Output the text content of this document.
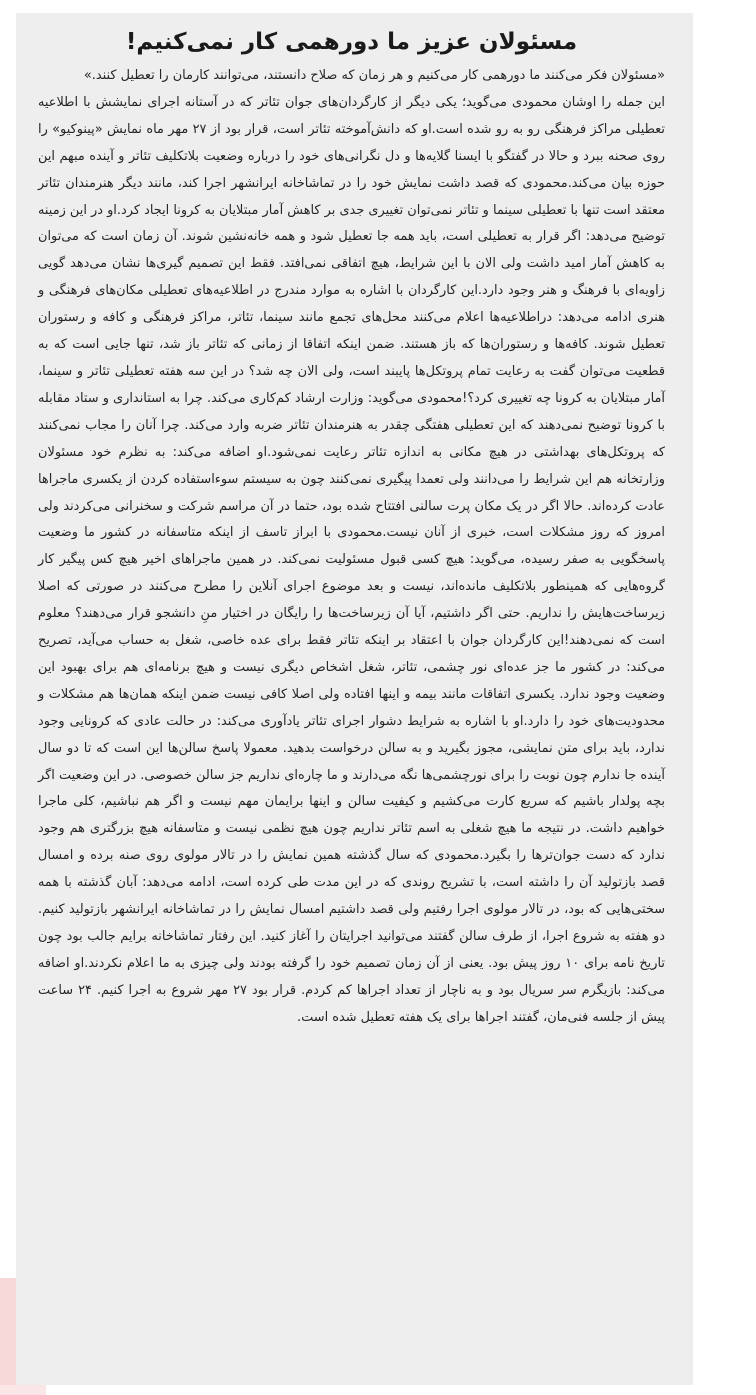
مسئولان عزیز ما دورهمی کار نمی‌کنیم!

«مسئولان فکر می‌کنند ما دورهمی کار می‌کنیم و هر زمان که صلاح دانستند، می‌توانند کارمان را تعطیل کنند.»

این جمله را اوشان محمودی می‌گوید؛ یکی دیگر از کارگردان‌های جوان تئاتر که در آستانه اجرای نمایشش با اطلاعیه تعطیلی مراکز فرهنگی رو به رو شده است.او که دانش‌آموخته تئاتر است، قرار بود از ۲۷ مهر ماه نمایش «پینوکیو» را روی صحنه ببرد و حالا در گفتگو با ایسنا گلایه‌ها و دل نگرانی‌های خود را درباره وضعیت بلاتکلیف تئاتر و آینده مبهم این حوزه بیان می‌کند.محمودی که قصد داشت نمایش خود را در تماشاخانه ایرانشهر اجرا کند، مانند دیگر هنرمندان تئاتر معتقد است تنها با تعطیلی سینما و تئاتر نمی‌توان تغییری جدی بر کاهش آمار مبتلایان به کرونا ایجاد کرد.او در این زمینه توضیح می‌دهد: اگر قرار به تعطیلی است، باید همه جا تعطیل شود و همه خانه‌نشین شوند. آن زمان است که می‌توان به کاهش آمار امید داشت ولی الان با این شرایط، هیچ اتفاقی نمی‌افتد. فقط این تصمیم گیری‌ها نشان می‌دهد گویی زاویه‌ای با فرهنگ و هنر وجود دارد.این کارگردان با اشاره به موارد مندرج در اطلاعیه‌های تعطیلی مکان‌های فرهنگی و هنری ادامه می‌دهد: دراطلاعیه‌ها اعلام می‌کنند محل‌های تجمع مانند سینما، تئاتر، مراکز فرهنگی و کافه و رستوران تعطیل شوند. کافه‌ها و رستوران‌ها که باز هستند. ضمن اینکه اتفاقا از زمانی که تئاتر باز شد، تنها جایی است که به قطعیت می‌توان گفت به رعایت تمام پروتکل‌ها پایبند است، ولی الان چه شد؟ در این سه هفته تعطیلی تئاتر و سینما، آمار مبتلایان به کرونا چه تغییری کرد؟!محمودی می‌گوید: وزارت ارشاد کم‌کاری می‌کند. چرا به استانداری و ستاد مقابله با کرونا توضیح نمی‌دهند که این تعطیلی هفتگی چقدر به هنرمندان تئاتر ضربه وارد می‌کند. چرا آنان را مجاب نمی‌کنند که پروتکل‌های بهداشتی در هیچ مکانی به اندازه تئاتر رعایت نمی‌شود.او اضافه می‌کند: به نظرم خود مسئولان وزارتخانه هم این شرایط را می‌دانند ولی تعمدا پیگیری نمی‌کنند چون به سیستم سوءاستفاده کردن از یکسری ماجراها عادت کرده‌اند. حالا اگر در یک مکان پرت سالنی افتتاح شده بود، حتما در آن مراسم شرکت و سخنرانی می‌کردند ولی امروز که روز مشکلات است، خبری از آنان نیست.محمودی با ابراز تاسف از اینکه متاسفانه در کشور ما وضعیت پاسخگویی به صفر رسیده، می‌گوید: هیچ کسی قبول مسئولیت نمی‌کند. در همین ماجراهای اخیر هیچ کس پیگیر کار گروه‌هایی که همینطور بلاتکلیف مانده‌اند، نیست و بعد موضوع اجرای آنلاین را مطرح می‌کنند در صورتی که اصلا زیرساخت‌هایش را نداریم. حتی اگر داشتیم، آیا آن زیرساخت‌ها را رایگان در اختیار منِ دانشجو قرار می‌دهند؟ معلوم است که نمی‌دهند!این کارگردان جوان با اعتقاد بر اینکه تئاتر فقط برای عده خاصی، شغل به حساب می‌آید، تصریح می‌کند: در کشور ما جز عده‌ای نور چشمی، تئاتر، شغل اشخاص دیگری نیست و هیچ برنامه‌ای هم برای بهبود این وضعیت وجود ندارد. یکسری اتفاقات مانند بیمه و اینها افتاده ولی اصلا کافی نیست ضمن اینکه همان‌ها هم مشکلات و محدودیت‌های خود را دارد.او با اشاره به شرایط دشوار اجرای تئاتر یادآوری می‌کند: در حالت عادی که کرونایی وجود ندارد، باید برای متن نمایشی، مجوز بگیرید و به سالن درخواست بدهید. معمولا پاسخ سالن‌ها این است که تا دو سال آینده جا ندارم چون نوبت را برای نورچشمی‌ها نگه می‌دارند و ما چاره‌ای نداریم جز سالن خصوصی. در این وضعیت اگر بچه پولدار باشیم که سریع کارت می‌کشیم و کیفیت سالن و اینها برایمان مهم نیست و اگر هم نباشیم، کلی ماجرا خواهیم داشت. در نتیجه ما هیچ شغلی به اسم تئاتر نداریم چون هیچ نظمی نیست و متاسفانه هیچ بزرگتری هم وجود ندارد که دست جوان‌ترها را بگیرد.محمودی که سال گذشته همین نمایش را در تالار مولوی روی صنه برده و امسال قصد بازتولید آن را داشته است، با تشریح روندی که در این مدت طی کرده است، ادامه می‌دهد: آبان گذشته با همه سختی‌هایی که بود، در تالار مولوی اجرا رفتیم ولی قصد داشتیم امسال نمایش را در تماشاخانه ایرانشهر بازتولید کنیم. دو هفته به شروع اجرا، از طرف سالن گفتند می‌توانید اجرایتان را آغاز کنید. این رفتار تماشاخانه برایم جالب بود چون تاریخ نامه برای ۱۰ روز پیش بود. یعنی از آن زمان تصمیم خود را گرفته بودند ولی چیزی به ما اعلام نکردند.او اضافه می‌کند: بازیگرم سر سریال بود و به ناچار از تعداد اجراها کم کردم. قرار بود ۲۷ مهر شروع به اجرا کنیم. ۲۴ ساعت پیش از جلسه فنی‌مان، گفتند اجراها برای یک هفته تعطیل شده است.
